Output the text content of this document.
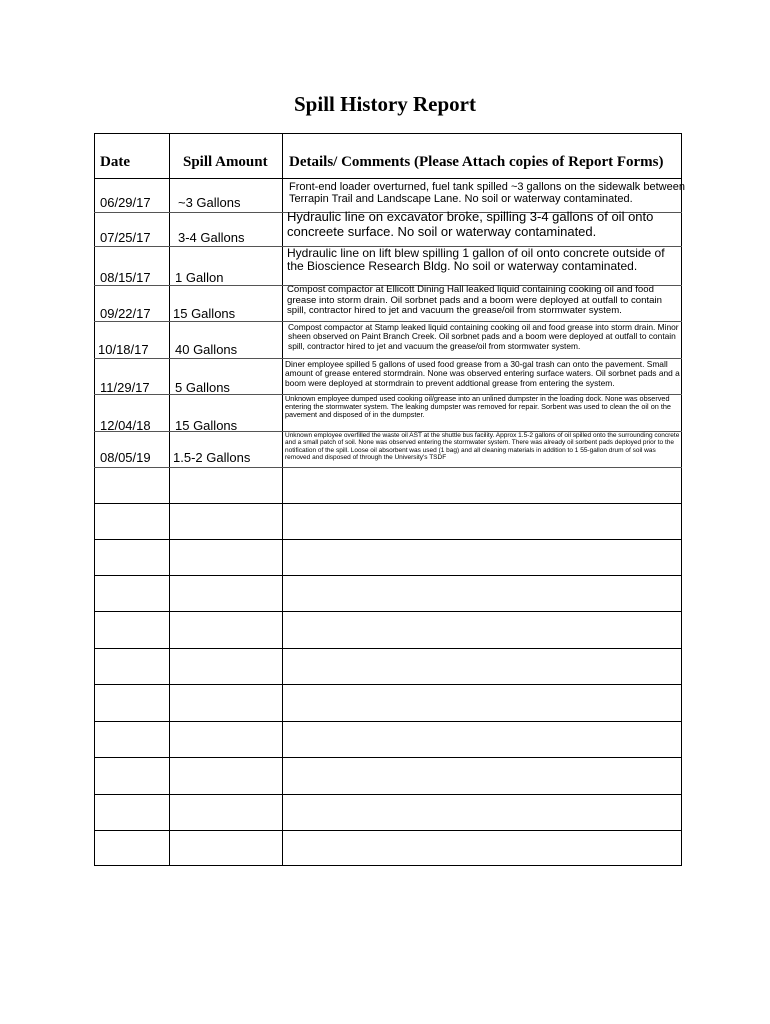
Spill History Report
Date	Spill Amount Details/ Comments (Please Attach copies of Report Forms)
06/29/17 ~3 Gallons
Front-end loader overturned, fuel tank spilled ~3 gallons on the sidewalk between Terrapin Trail and Landscape Lane. No soil or waterway contaminated.
07/25/17 3-4 Gallons
Hydraulic line on excavator broke, spilling 3-4 gallons of oil onto concreete surface. No soil or waterway contaminated.
08/15/17 1 Gallon
Hydraulic line on lift blew spilling 1 gallon of oil onto concrete outside of the Bioscience Research Bldg. No soil or waterway contaminated.
09/22/17 15 Gallons
Compost compactor at Ellicott Dining Hall leaked liquid containing cooking oil and food grease into storm drain. Oil sorbnet pads and a boom were deployed at outfall to contain spill, contractor hired to jet and vacuum the grease/oil from stormwater system.
10/18/17 40 Gallons
Compost compactor at Stamp leaked liquid containing cooking oil and food grease into storm drain. Minor sheen observed on Paint Branch Creek. Oil sorbnet pads and a boom were deployed at outfall to contain spill, contractor hired to jet and vacuum the grease/oil from stormwater system.
11/29/17 5 Gallons
Diner employee spilled 5 gallons of used food grease from a 30-gal trash can onto the pavement. Small amount of grease entered stormdrain. None was observed entering surface waters. Oil sorbnet pads and a boom were deployed at stormdrain to prevent addtional grease from entering the system.
12/04/18 15 Gallons
Unknown employee dumped used cooking oil/grease into an unlined dumpster in the loading dock. None was observed entering the stormwater system. The leaking dumpster was removed for repair. Sorbent was used to clean the oil on the pavement and disposed of in the dumpster.
08/05/19 1.5-2 Gallons
Unknown employee overfilled the waste oil AST at the shuttle bus facility. Approx 1.5-2 gallons of oil spilled onto the surrounding concrete and a small patch of soil. None was observed entering the stormwater system. There was already oil sorbent pads deployed prior to the notification of the spill. Loose oil absorbent was used (1 bag) and all cleaning materials in addition to 1 55-gallon drum of soil was removed and disposed of through the University's TSDF
